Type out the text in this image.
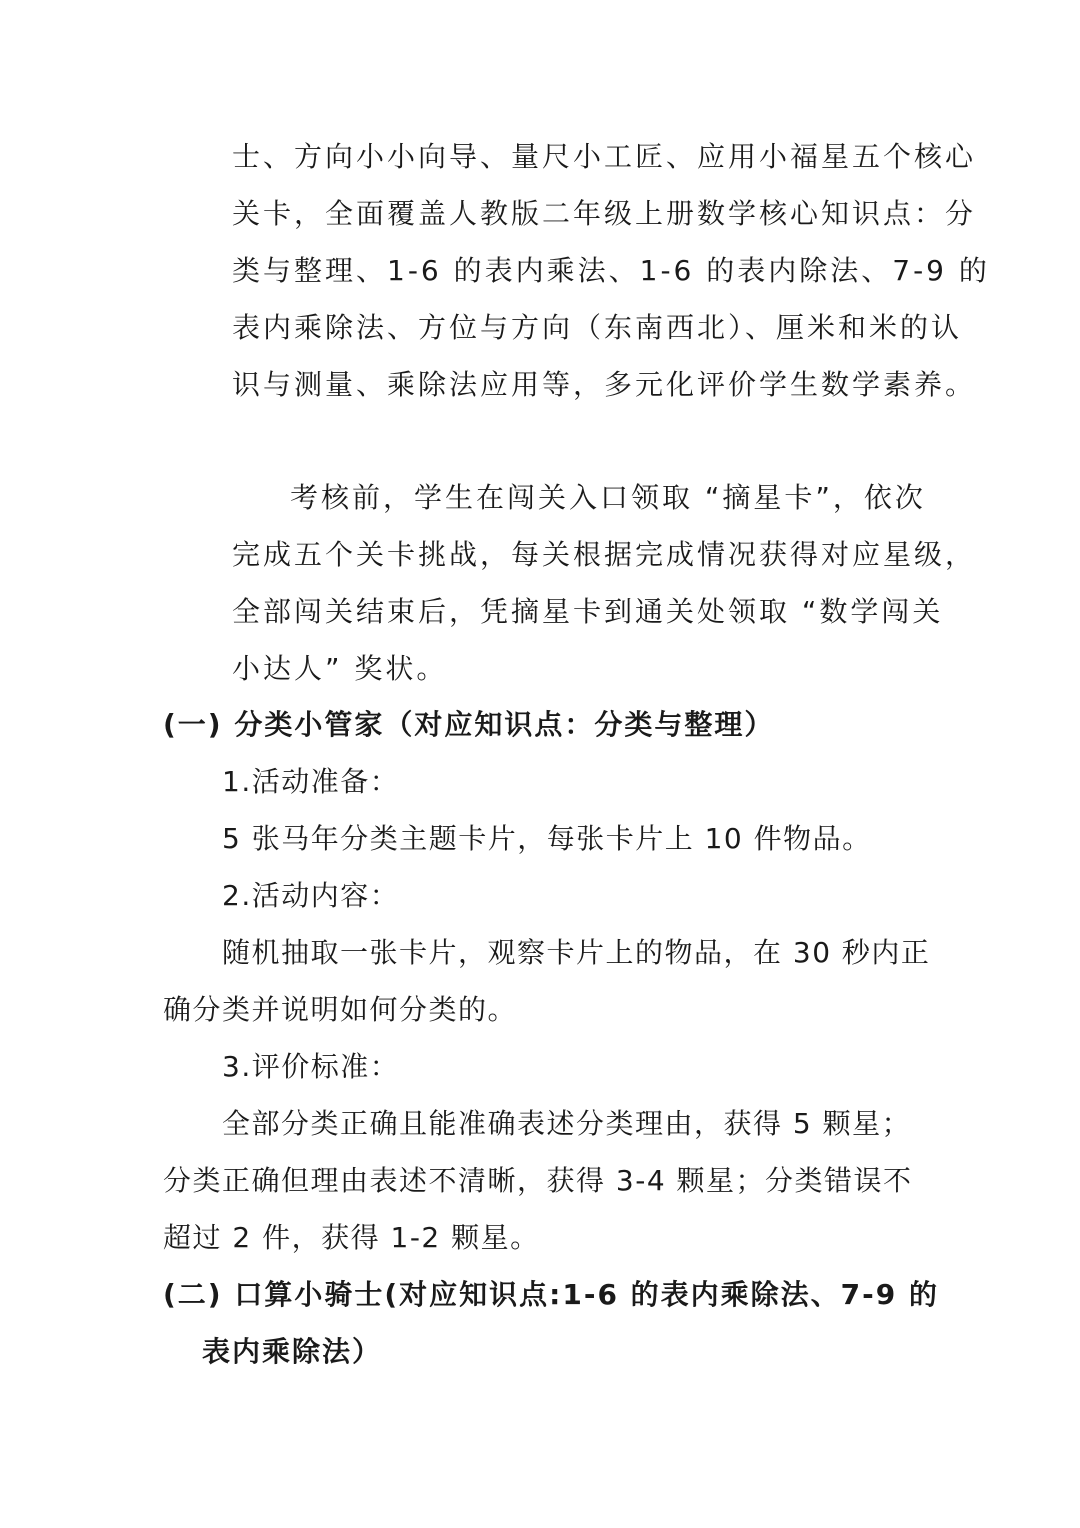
士、方向小小向导、量尺小工匠、应用小福星五个核心
关卡，全面覆盖人教版二年级上册数学核心知识点：分
类与整理、1-6 的表内乘法、1-6 的表内除法、7-9 的
表内乘除法、方位与方向（东南西北）、厘米和米的认
识与测量、乘除法应用等，多元化评价学生数学素养。
考核前，学生在闯关入口领取 “摘星卡”，依次
完成五个关卡挑战，每关根据完成情况获得对应星级，
全部闯关结束后，凭摘星卡到通关处领取 “数学闯关
小达人” 奖状。
(一) 分类小管家（对应知识点：分类与整理）
1.活动准备：
5 张马年分类主题卡片，每张卡片上 10 件物品。
2.活动内容：
随机抽取一张卡片，观察卡片上的物品，在 30 秒内正
确分类并说明如何分类的。
3.评价标准：
全部分类正确且能准确表述分类理由，获得 5 颗星；
分类正确但理由表述不清晰，获得 3-4 颗星；分类错误不
超过 2 件，获得 1-2 颗星。
(二) 口算小骑士(对应知识点:1-6 的表内乘除法、7-9 的
表内乘除法）
